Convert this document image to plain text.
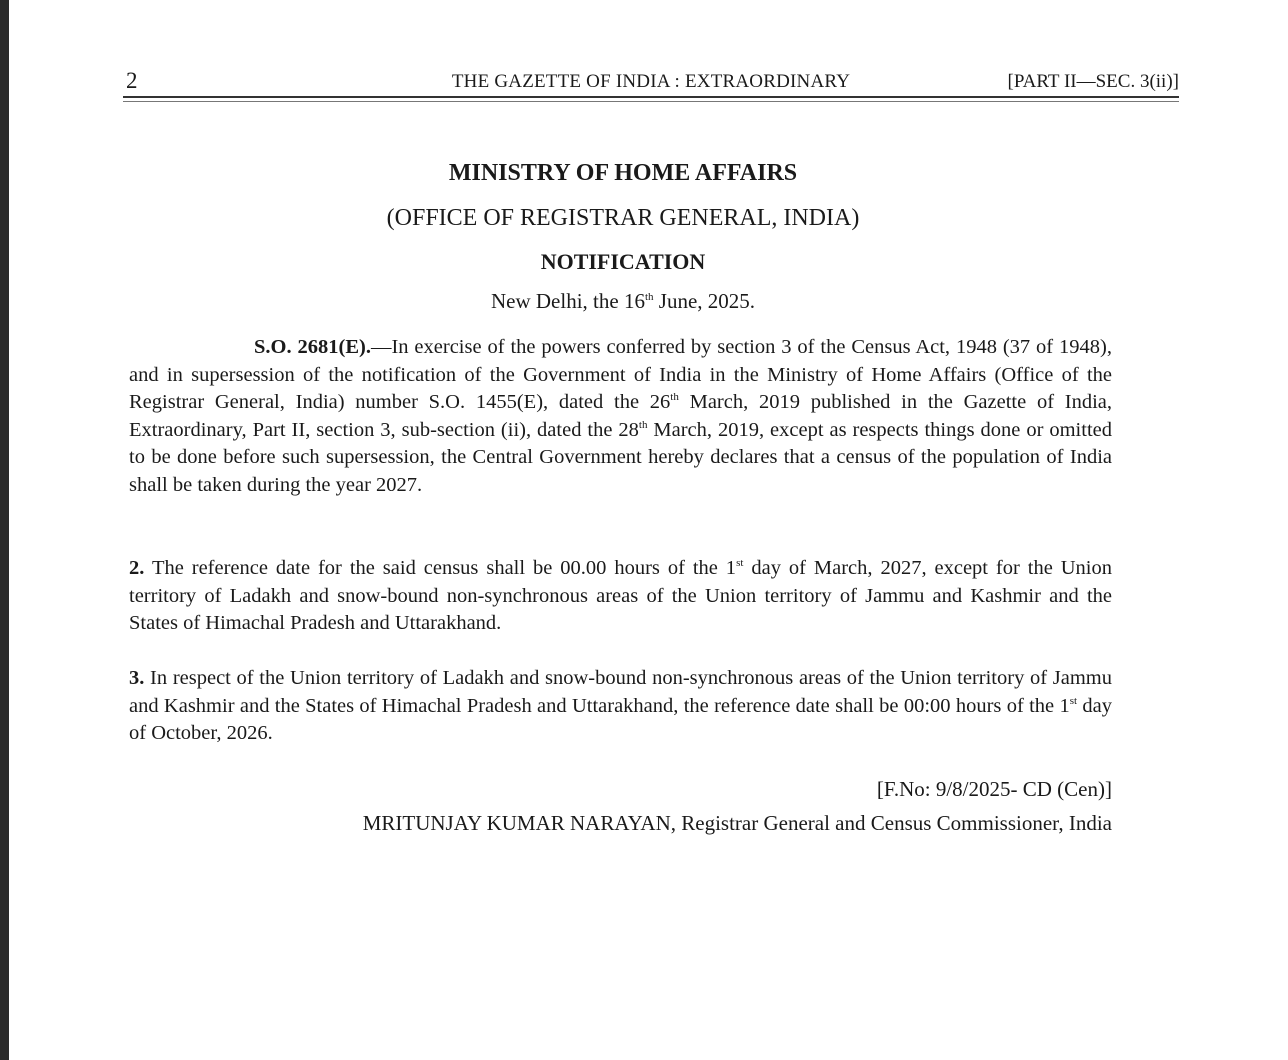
2	THE GAZETTE OF INDIA : EXTRAORDINARY	[PART II—SEC. 3(ii)]
MINISTRY OF HOME AFFAIRS
(OFFICE OF REGISTRAR GENERAL, INDIA)
NOTIFICATION
New Delhi, the 16th June, 2025.
S.O. 2681(E).—In exercise of the powers conferred by section 3 of the Census Act, 1948 (37 of 1948), and in supersession of the notification of the Government of India in the Ministry of Home Affairs (Office of the Registrar General, India) number S.O. 1455(E), dated the 26th March, 2019 published in the Gazette of India, Extraordinary, Part II, section 3, sub-section (ii), dated the 28th March, 2019, except as respects things done or omitted to be done before such supersession, the Central Government hereby declares that a census of the population of India shall be taken during the year 2027.
2. The reference date for the said census shall be 00.00 hours of the 1st day of March, 2027, except for the Union territory of Ladakh and snow-bound non-synchronous areas of the Union territory of Jammu and Kashmir and the States of Himachal Pradesh and Uttarakhand.
3. In respect of the Union territory of Ladakh and snow-bound non-synchronous areas of the Union territory of Jammu and Kashmir and the States of Himachal Pradesh and Uttarakhand, the reference date shall be 00:00 hours of the 1st day of October, 2026.
[F.No: 9/8/2025- CD (Cen)]
MRITUNJAY KUMAR NARAYAN, Registrar General and Census Commissioner, India
